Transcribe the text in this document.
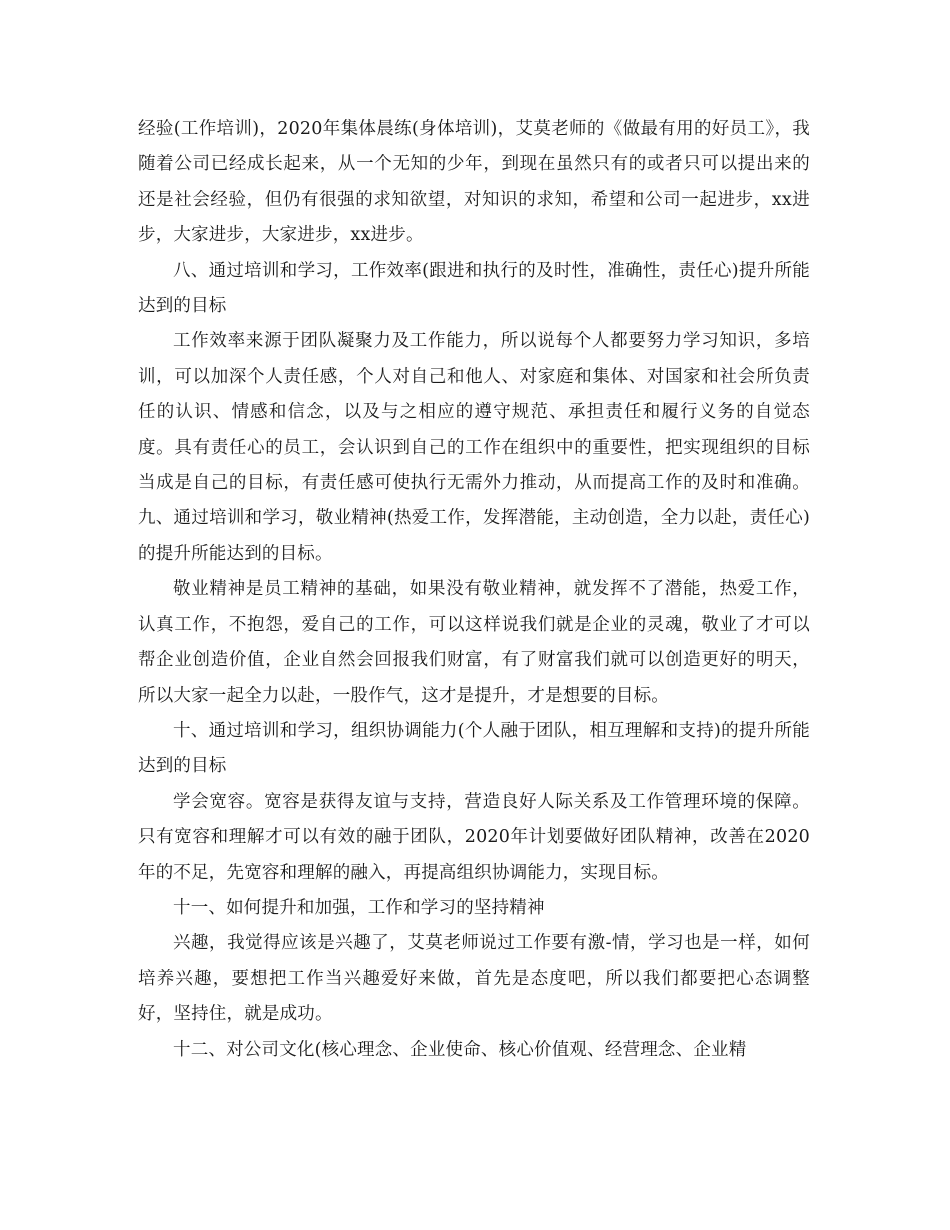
经验(工作培训)，2020年集体晨练(身体培训)，艾莫老师的《做最有用的好员工》，我随着公司已经成长起来，从一个无知的少年，到现在虽然只有的或者只可以提出来的还是社会经验，但仍有很强的求知欲望，对知识的求知，希望和公司一起进步，xx进步，大家进步，大家进步，xx进步。

八、通过培训和学习，工作效率(跟进和执行的及时性，准确性，责任心)提升所能达到的目标

工作效率来源于团队凝聚力及工作能力，所以说每个人都要努力学习知识，多培训，可以加深个人责任感，个人对自己和他人、对家庭和集体、对国家和社会所负责任的认识、情感和信念，以及与之相应的遵守规范、承担责任和履行义务的自觉态度。具有责任心的员工，会认识到自己的工作在组织中的重要性，把实现组织的目标当成是自己的目标，有责任感可使执行无需外力推动，从而提高工作的及时和准确。九、通过培训和学习，敬业精神(热爱工作，发挥潜能，主动创造，全力以赴，责任心)的提升所能达到的目标。

敬业精神是员工精神的基础，如果没有敬业精神，就发挥不了潜能，热爱工作，认真工作，不抱怨，爱自己的工作，可以这样说我们就是企业的灵魂，敬业了才可以帮企业创造价值，企业自然会回报我们财富，有了财富我们就可以创造更好的明天，所以大家一起全力以赴，一股作气，这才是提升，才是想要的目标。

十、通过培训和学习，组织协调能力(个人融于团队，相互理解和支持)的提升所能达到的目标

学会宽容。宽容是获得友谊与支持，营造良好人际关系及工作管理环境的保障。只有宽容和理解才可以有效的融于团队，2020年计划要做好团队精神，改善在2020年的不足，先宽容和理解的融入，再提高组织协调能力，实现目标。

十一、如何提升和加强，工作和学习的坚持精神

兴趣，我觉得应该是兴趣了，艾莫老师说过工作要有激-情，学习也是一样，如何培养兴趣，要想把工作当兴趣爱好来做，首先是态度吧，所以我们都要把心态调整好，坚持住，就是成功。

十二、对公司文化(核心理念、企业使命、核心价值观、经营理念、企业精
